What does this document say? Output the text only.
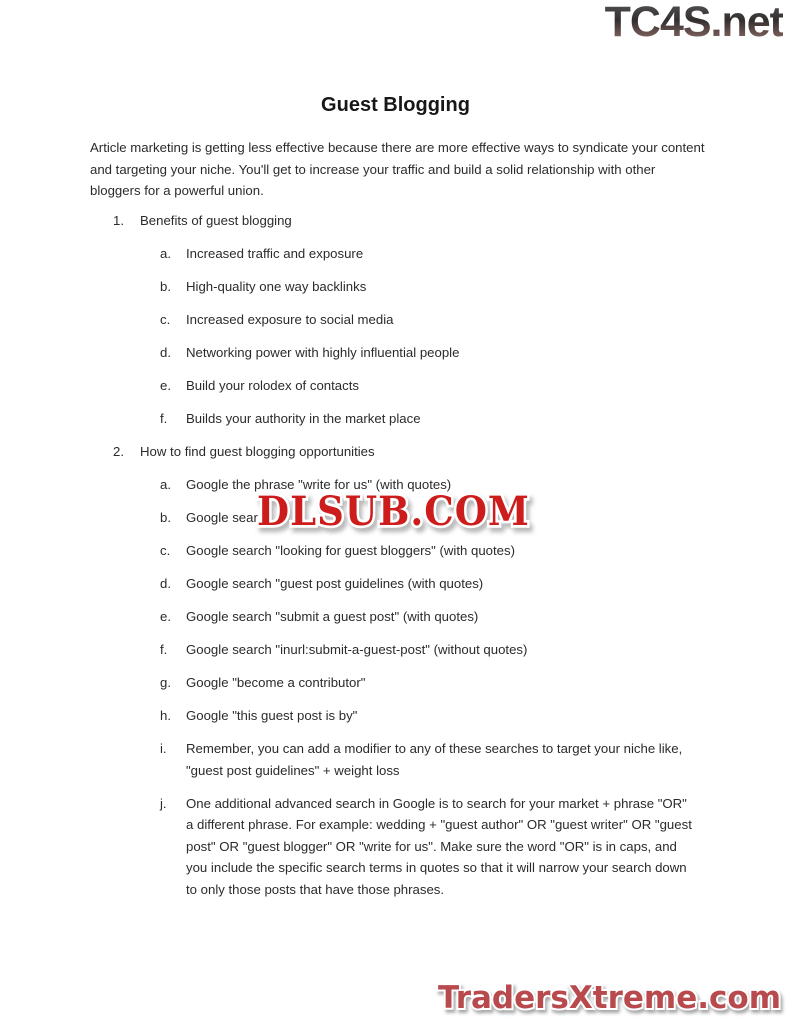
TC4S.net
Guest Blogging

Article marketing is getting less effective because there are more effective ways to syndicate your content and targeting your niche. You'll get to increase your traffic and build a solid relationship with other bloggers for a powerful union.

1.	Benefits of guest blogging
a.	Increased traffic and exposure
b.	High-quality one way backlinks
c.	Increased exposure to social media
d.	Networking power with highly influential people
e.	Build your rolodex of contacts
f.	Builds your authority in the market place
2.	How to find guest blogging opportunities
a.	Google the phrase "write for us" (with quotes)
b.	Google sear
c.	Google search "looking for guest bloggers" (with quotes)
d.	Google search "guest post guidelines (with quotes)
e.	Google search "submit a guest post" (with quotes)
f.	Google search "inurl:submit-a-guest-post" (without quotes)
g.	Google "become a contributor"
h.	Google "this guest post is by"
i.	Remember, you can add a modifier to any of these searches to target your niche like, "guest post guidelines" + weight loss
j.	One additional advanced search in Google is to search for your market + phrase "OR" a different phrase. For example: wedding + "guest author" OR "guest writer" OR "guest post" OR "guest blogger" OR "write for us". Make sure the word "OR" is in caps, and you include the specific search terms in quotes so that it will narrow your search down to only those posts that have those phrases.
DLSUB.COM
TradersXtreme.com
